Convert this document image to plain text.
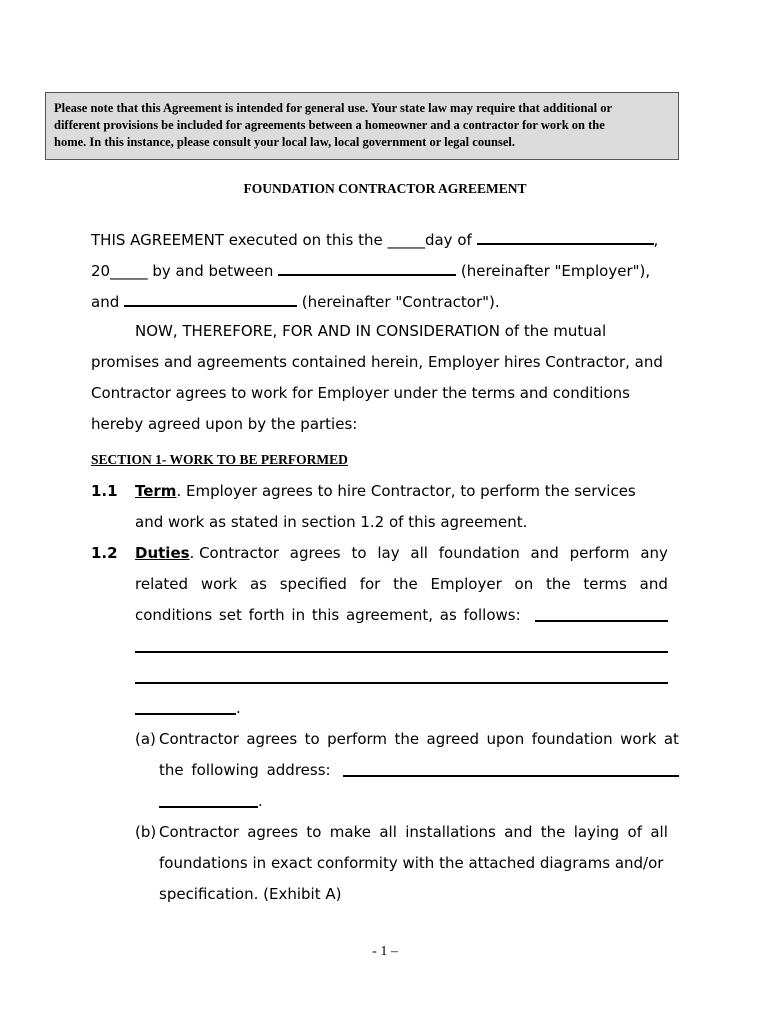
Please note that this Agreement is intended for general use. Your state law may require that additional or
different provisions be included for agreements between a homeowner and a contractor for work on the
home. In this instance, please consult your local law, local government or legal counsel.
FOUNDATION CONTRACTOR AGREEMENT
THIS AGREEMENT executed on this the _____day of	,
20_____ by and between	(hereinafter "Employer"),
and	(hereinafter "Contractor").
NOW, THEREFORE, FOR AND IN CONSIDERATION of the mutual
promises and agreements contained herein, Employer hires Contractor, and
Contractor agrees to work for Employer under the terms and conditions
hereby agreed upon by the parties:
SECTION 1- WORK TO BE PERFORMED
1.1 Term. Employer agrees to hire Contractor, to perform the services
and work as stated in section 1.2 of this agreement.
1.2 Duties. Contractor agrees to lay all foundation and perform any
related work as specified for the Employer on the terms and
conditions set forth in this agreement, as follows:
.
(a) Contractor agrees to perform the agreed upon foundation work at
the following address:
.
(b) Contractor agrees to make all installations and the laying of all
foundations in exact conformity with the attached diagrams and/or
specification. (Exhibit A)
- 1 –
